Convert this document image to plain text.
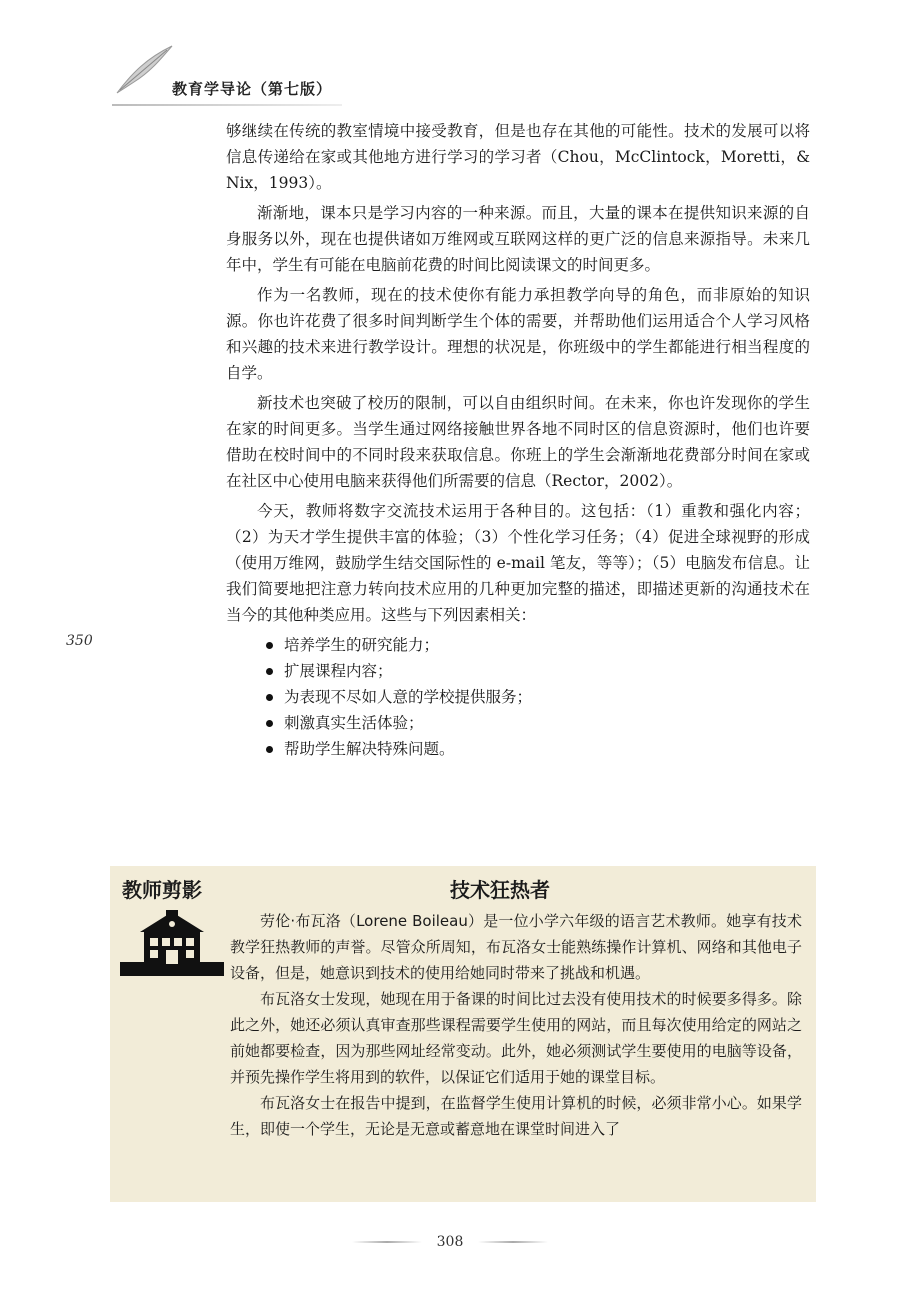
教育学导论（第七版）
350

够继续在传统的教室情境中接受教育，但是也存在其他的可能性。技术的发展可以将信息传递给在家或其他地方进行学习的学习者（Chou，McClintock，Moretti，& Nix，1993）。

渐渐地，课本只是学习内容的一种来源。而且，大量的课本在提供知识来源的自身服务以外，现在也提供诸如万维网或互联网这样的更广泛的信息来源指导。未来几年中，学生有可能在电脑前花费的时间比阅读课文的时间更多。

作为一名教师，现在的技术使你有能力承担教学向导的角色，而非原始的知识源。你也许花费了很多时间判断学生个体的需要，并帮助他们运用适合个人学习风格和兴趣的技术来进行教学设计。理想的状况是，你班级中的学生都能进行相当程度的自学。

新技术也突破了校历的限制，可以自由组织时间。在未来，你也许发现你的学生在家的时间更多。当学生通过网络接触世界各地不同时区的信息资源时，他们也许要借助在校时间中的不同时段来获取信息。你班上的学生会渐渐地花费部分时间在家或在社区中心使用电脑来获得他们所需要的信息（Rector，2002）。

今天，教师将数字交流技术运用于各种目的。这包括：（1）重教和强化内容；（2）为天才学生提供丰富的体验；（3）个性化学习任务；（4）促进全球视野的形成（使用万维网，鼓励学生结交国际性的 e-mail 笔友，等等）；（5）电脑发布信息。让我们简要地把注意力转向技术应用的几种更加完整的描述，即描述更新的沟通技术在当今的其他种类应用。这些与下列因素相关：

培养学生的研究能力；
扩展课程内容；
为表现不尽如人意的学校提供服务；
刺激真实生活体验；
帮助学生解决特殊问题。
教师剪影	技术狂热者

劳伦·布瓦洛（Lorene Boileau）是一位小学六年级的语言艺术教师。她享有技术教学狂热教师的声誉。尽管众所周知，布瓦洛女士能熟练操作计算机、网络和其他电子设备，但是，她意识到技术的使用给她同时带来了挑战和机遇。

布瓦洛女士发现，她现在用于备课的时间比过去没有使用技术的时候要多得多。除此之外，她还必须认真审查那些课程需要学生使用的网站，而且每次使用给定的网站之前她都要检查，因为那些网址经常变动。此外，她必须测试学生要使用的电脑等设备，并预先操作学生将用到的软件，以保证它们适用于她的课堂目标。

布瓦洛女士在报告中提到，在监督学生使用计算机的时候，必须非常小心。如果学生，即使一个学生，无论是无意或蓄意地在课堂时间进入了

308
